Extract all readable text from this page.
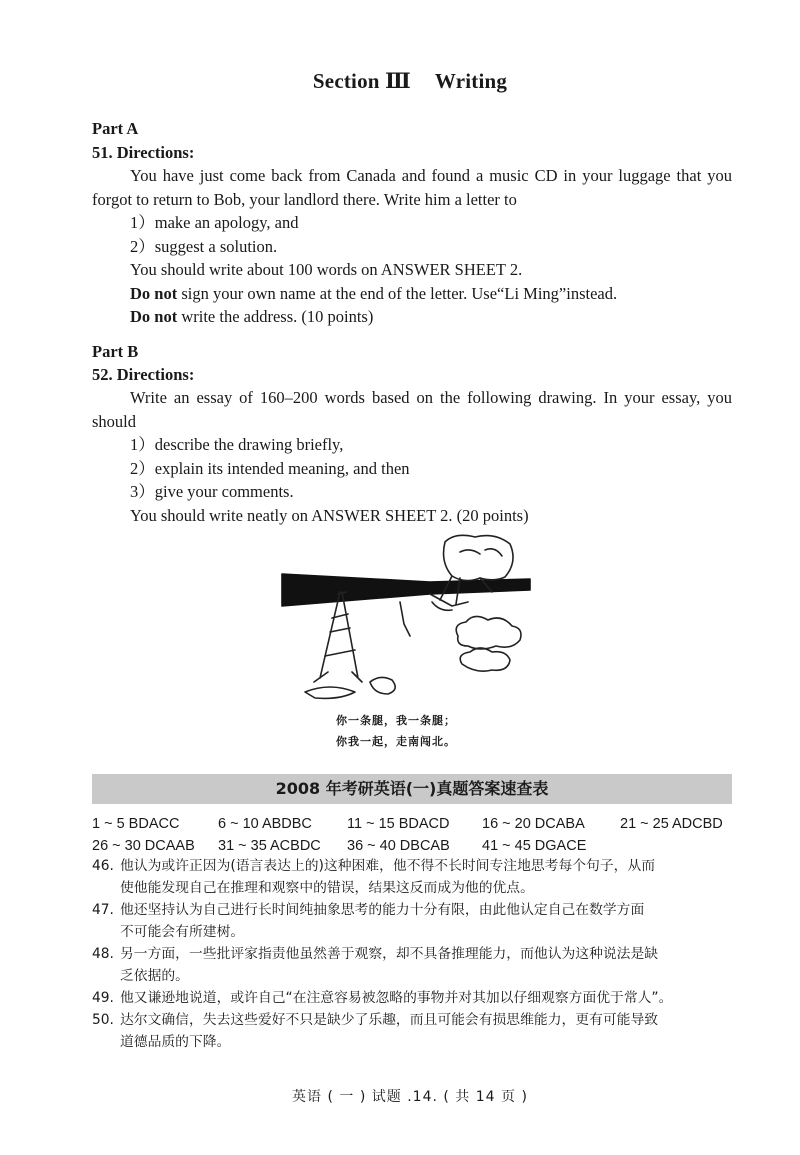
Section Ⅲ Writing
Part A
51. Directions:
You have just come back from Canada and found a music CD in your luggage that you forgot to return to Bob, your landlord there. Write him a letter to
1）make an apology, and
2）suggest a solution.
You should write about 100 words on ANSWER SHEET 2.
Do not sign your own name at the end of the letter. Use“Li Ming”instead.
Do not write the address. (10 points)
Part B
52. Directions:
Write an essay of 160–200 words based on the following drawing. In your essay, you should
1）describe the drawing briefly,
2）explain its intended meaning, and then
3）give your comments.
You should write neatly on ANSWER SHEET 2. (20 points)
你一条腿，我一条腿；
你我一起，走南闯北。
2008 年考研英语(一)真题答案速查表
1 ~ 5 BDACC	6 ~ 10 ABDBC 11 ~ 15 BDACD 16 ~ 20 DCABA 21 ~ 25 ADCBD
26 ~ 30 DCAAB 31 ~ 35 ACBDC 36 ~ 40 DBCAB 41 ~ 45 DGACE
46. 他认为或许正因为(语言表达上的)这种困难，他不得不长时间专注地思考每个句子，从而
使他能发现自己在推理和观察中的错误，结果这反而成为他的优点。
47. 他还坚持认为自己进行长时间纯抽象思考的能力十分有限，由此他认定自己在数学方面
不可能会有所建树。
48. 另一方面，一些批评家指责他虽然善于观察，却不具备推理能力，而他认为这种说法是缺
乏依据的。
49. 他又谦逊地说道，或许自己“在注意容易被忽略的事物并对其加以仔细观察方面优于常人”。
50. 达尔文确信，失去这些爱好不只是缺少了乐趣，而且可能会有损思维能力，更有可能导致
道德品质的下降。
英语 ( 一 ) 试题 .14. ( 共 14 页 )
